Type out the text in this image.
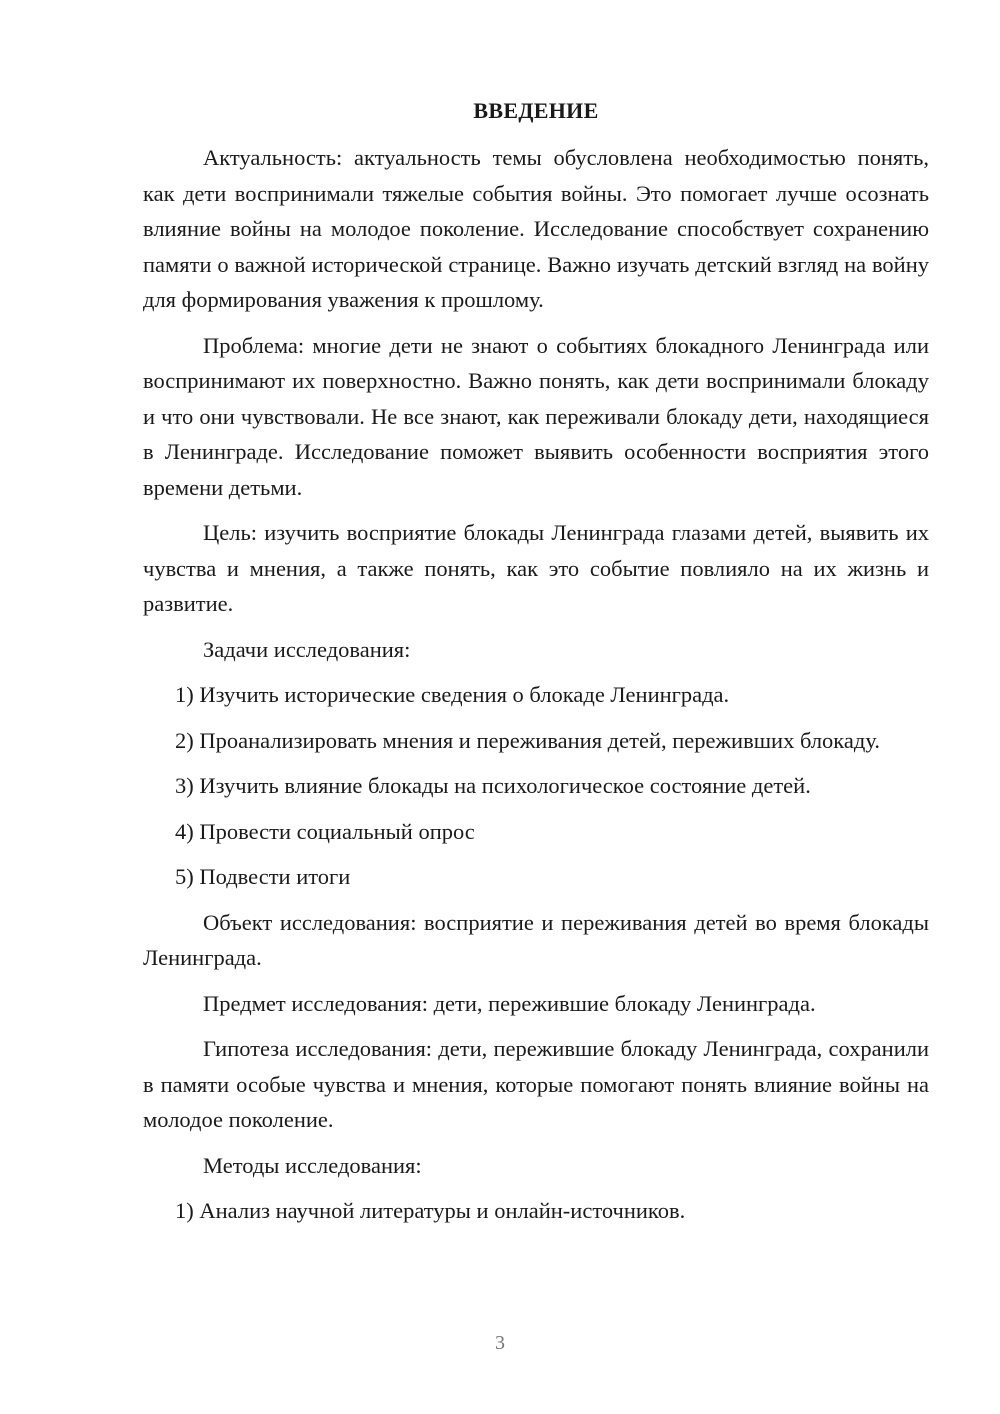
ВВЕДЕНИЕ

Актуальность: актуальность темы обусловлена необходимостью понять, как дети воспринимали тяжелые события войны. Это помогает лучше осознать влияние войны на молодое поколение. Исследование способствует сохранению памяти о важной исторической странице. Важно изучать детский взгляд на войну для формирования уважения к прошлому.

Проблема: многие дети не знают о событиях блокадного Ленинграда или воспринимают их поверхностно. Важно понять, как дети воспринимали блокаду и что они чувствовали. Не все знают, как переживали блокаду дети, находящиеся в Ленинграде. Исследование поможет выявить особенности восприятия этого времени детьми.

Цель: изучить восприятие блокады Ленинграда глазами детей, выявить их чувства и мнения, а также понять, как это событие повлияло на их жизнь и развитие.

Задачи исследования:

1) Изучить исторические сведения о блокаде Ленинграда.

2) Проанализировать мнения и переживания детей, переживших блокаду.

3) Изучить влияние блокады на психологическое состояние детей.

4) Провести социальный опрос

5) Подвести итоги

Объект исследования: восприятие и переживания детей во время блокады Ленинграда.

Предмет исследования: дети, пережившие блокаду Ленинграда.

Гипотеза исследования: дети, пережившие блокаду Ленинграда, сохранили в памяти особые чувства и мнения, которые помогают понять влияние войны на молодое поколение.

Методы исследования:

1) Анализ научной литературы и онлайн-источников.

3
